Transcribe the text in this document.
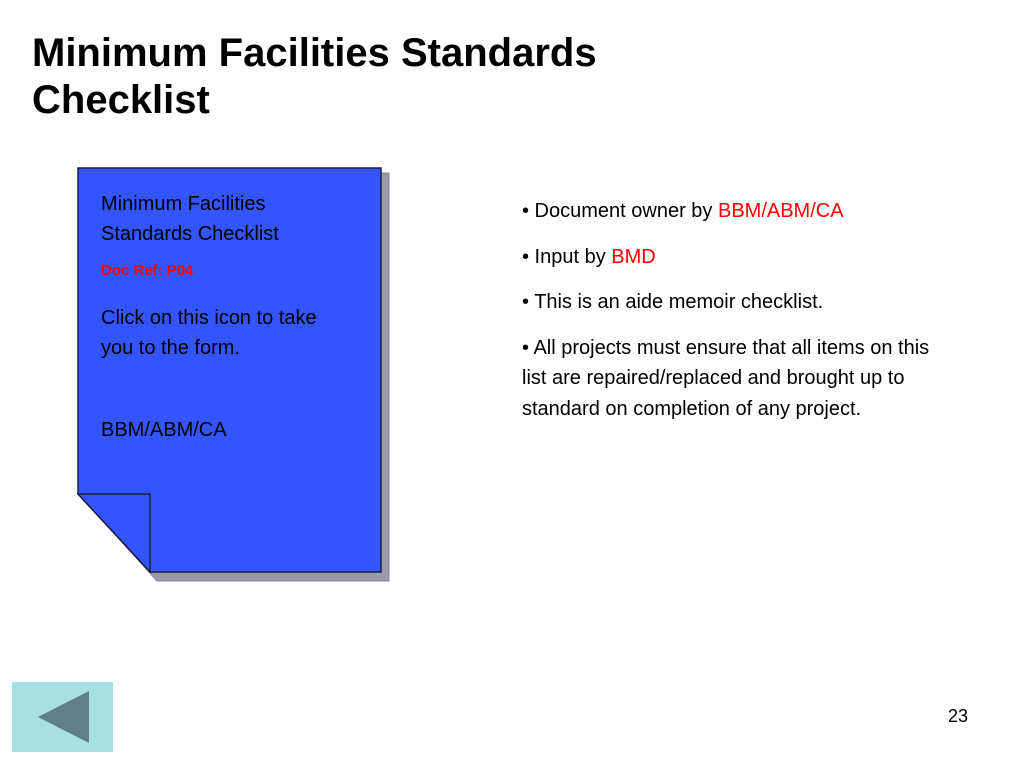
Minimum Facilities Standards Checklist

Minimum Facilities Standards Checklist

Doc Ref: P04

Click on this icon to take you to the form.

BBM/ABM/CA

• Document owner by BBM/ABM/CA
• Input by BMD
• This is an aide memoir checklist.
• All projects must ensure that all items on this list are repaired/replaced and brought up to standard on completion of any project.
23
